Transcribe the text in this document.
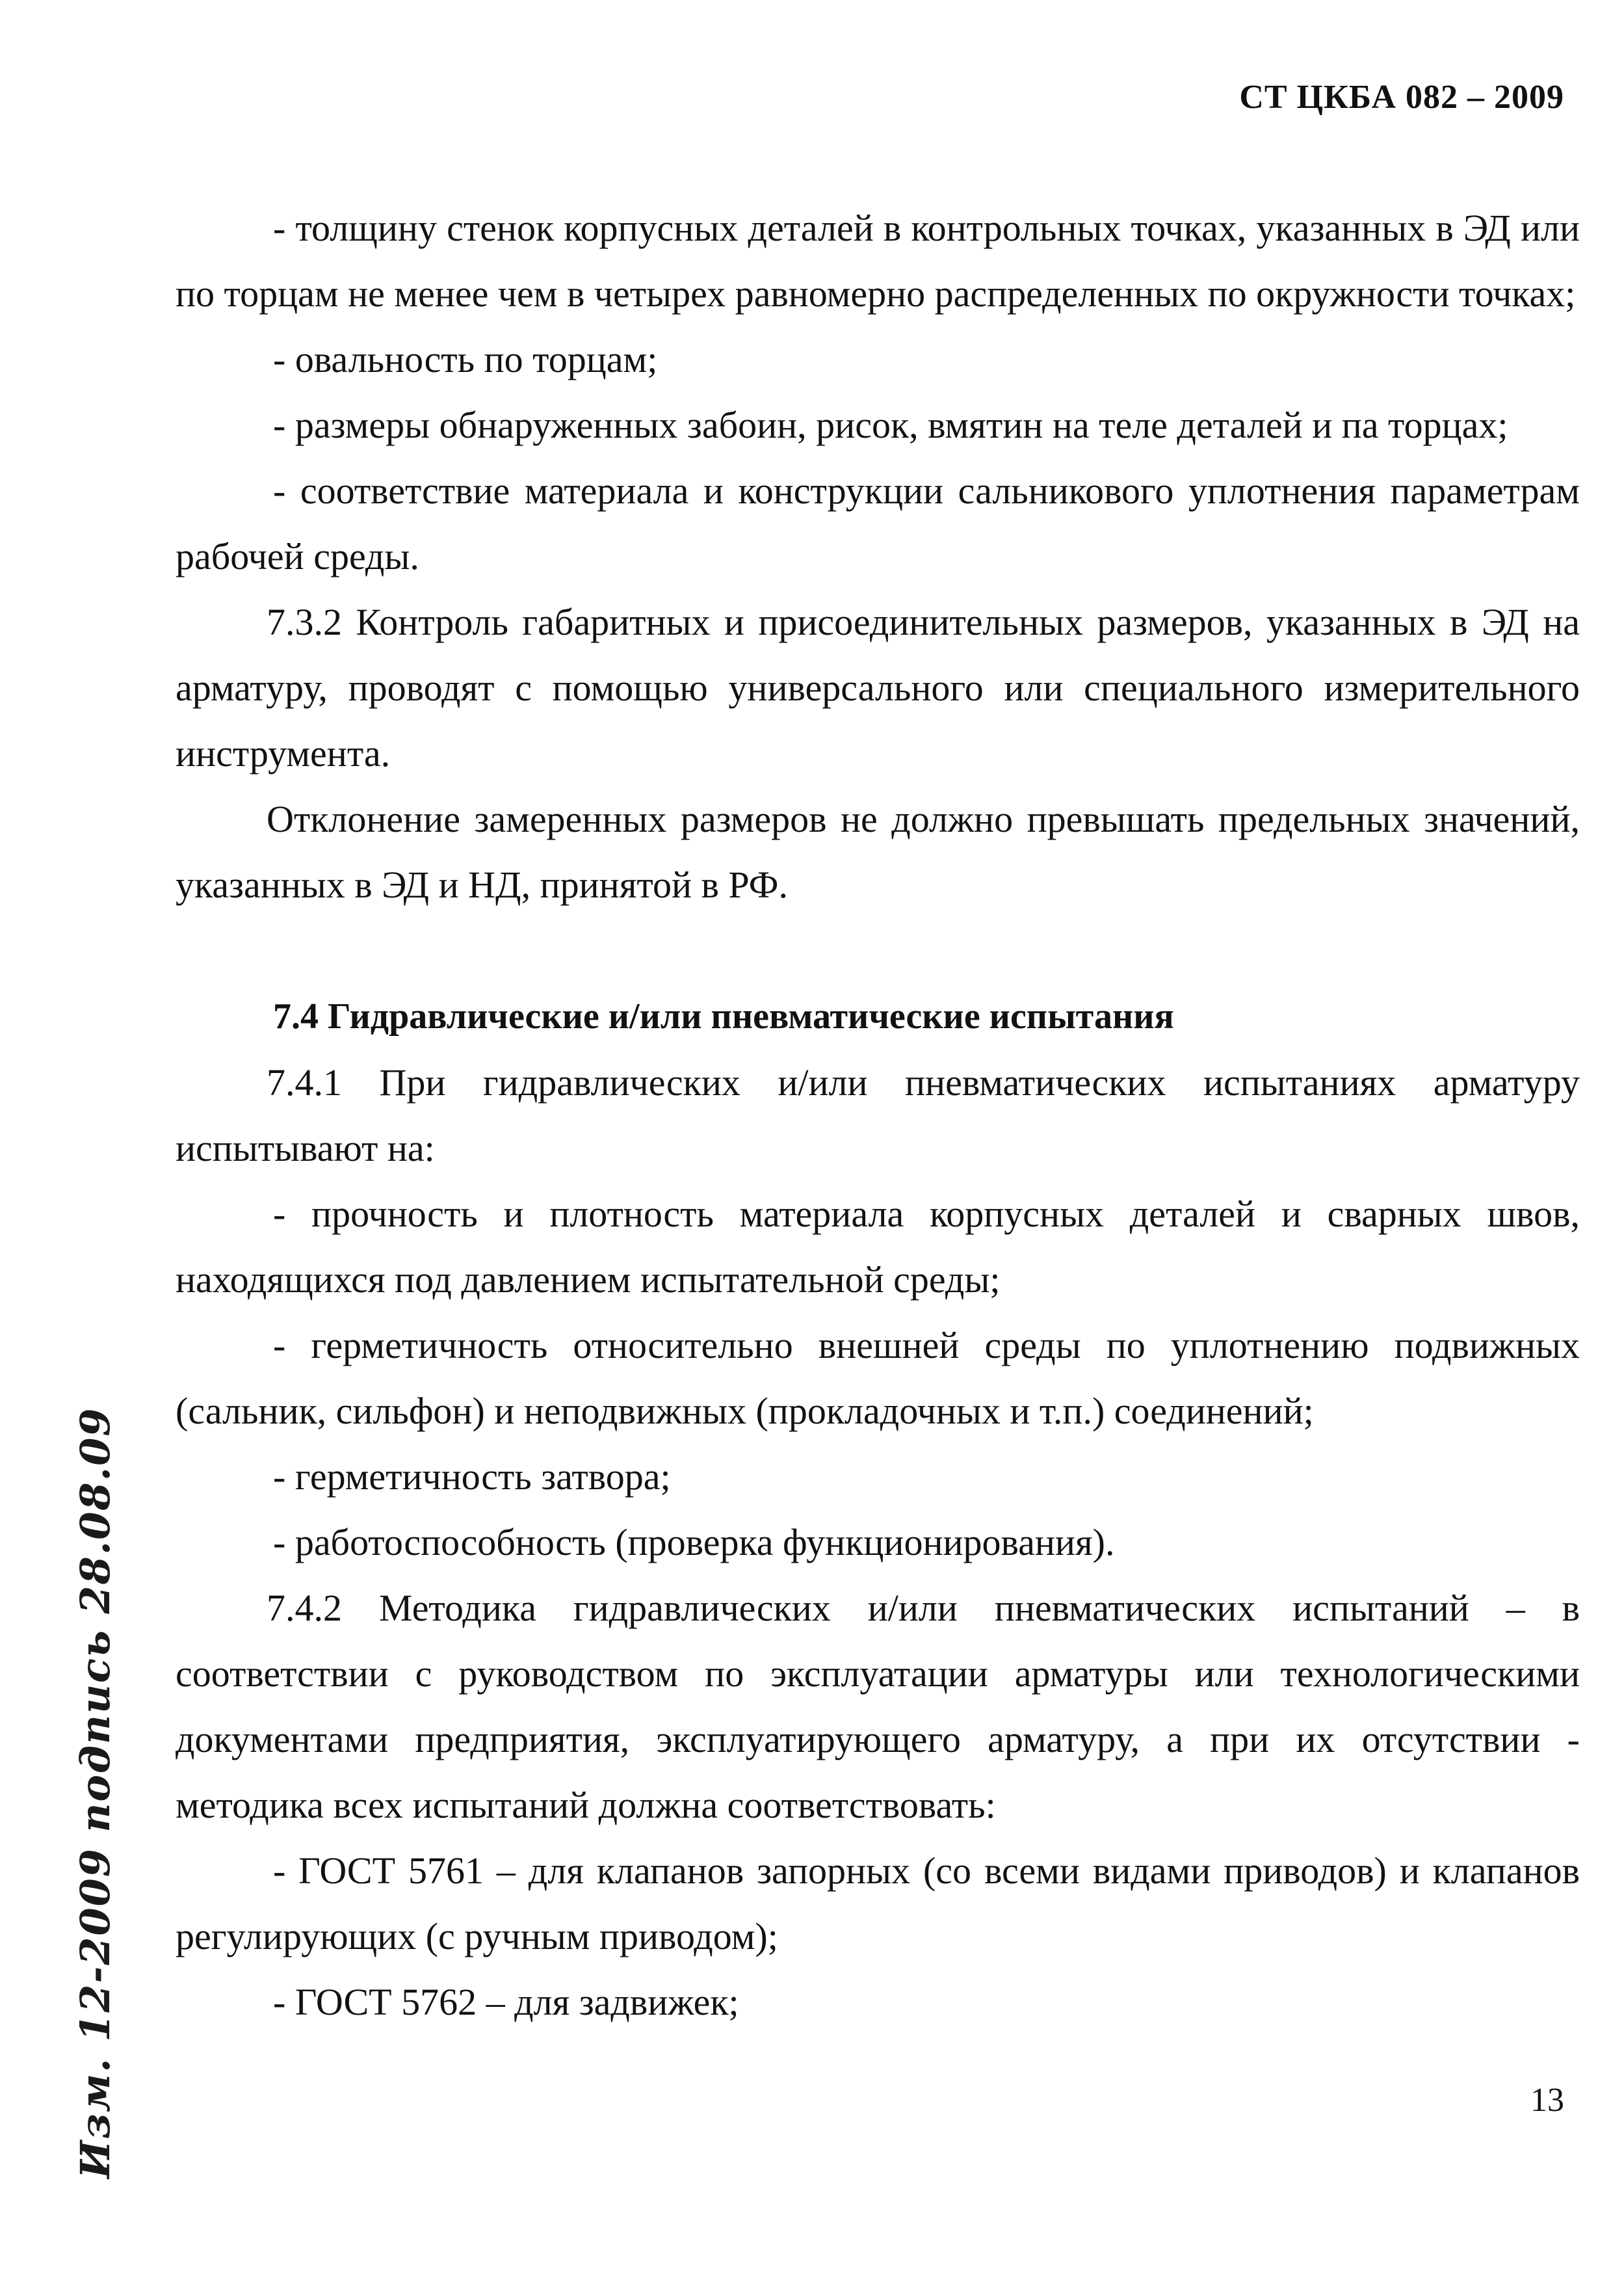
СТ ЦКБА 082 – 2009

- толщину стенок корпусных деталей в контрольных точках, указанных в ЭД или по торцам не менее чем в четырех равномерно распределенных по окружности точках;

- овальность по торцам;

- размеры обнаруженных забоин, рисок, вмятин на теле деталей и па торцах;

- соответствие материала и конструкции сальникового уплотнения параметрам рабочей среды.

7.3.2 Контроль габаритных и присоединительных размеров, указанных в ЭД на арматуру, проводят с помощью универсального или специального измерительного инструмента.

Отклонение замеренных размеров не должно превышать предельных значений, указанных в ЭД и НД, принятой в РФ.

7.4 Гидравлические и/или пневматические испытания

7.4.1 При гидравлических и/или пневматических испытаниях арматуру испытывают на:

- прочность и плотность материала корпусных деталей и сварных швов, находящихся под давлением испытательной среды;

- герметичность относительно внешней среды по уплотнению подвижных (сальник, сильфон) и неподвижных (прокладочных и т.п.) соединений;

- герметичность затвора;

- работоспособность (проверка функционирования).

7.4.2 Методика гидравлических и/или пневматических испытаний – в соответствии с руководством по эксплуатации арматуры или технологическими документами предприятия, эксплуатирующего арматуру, а при их отсутствии - методика всех испытаний должна соответствовать:

- ГОСТ 5761 – для клапанов запорных (со всеми видами приводов) и клапанов регулирующих (с ручным приводом);

- ГОСТ 5762 – для задвижек;

13
Изм. 12-2009 подпись 28.08.09
